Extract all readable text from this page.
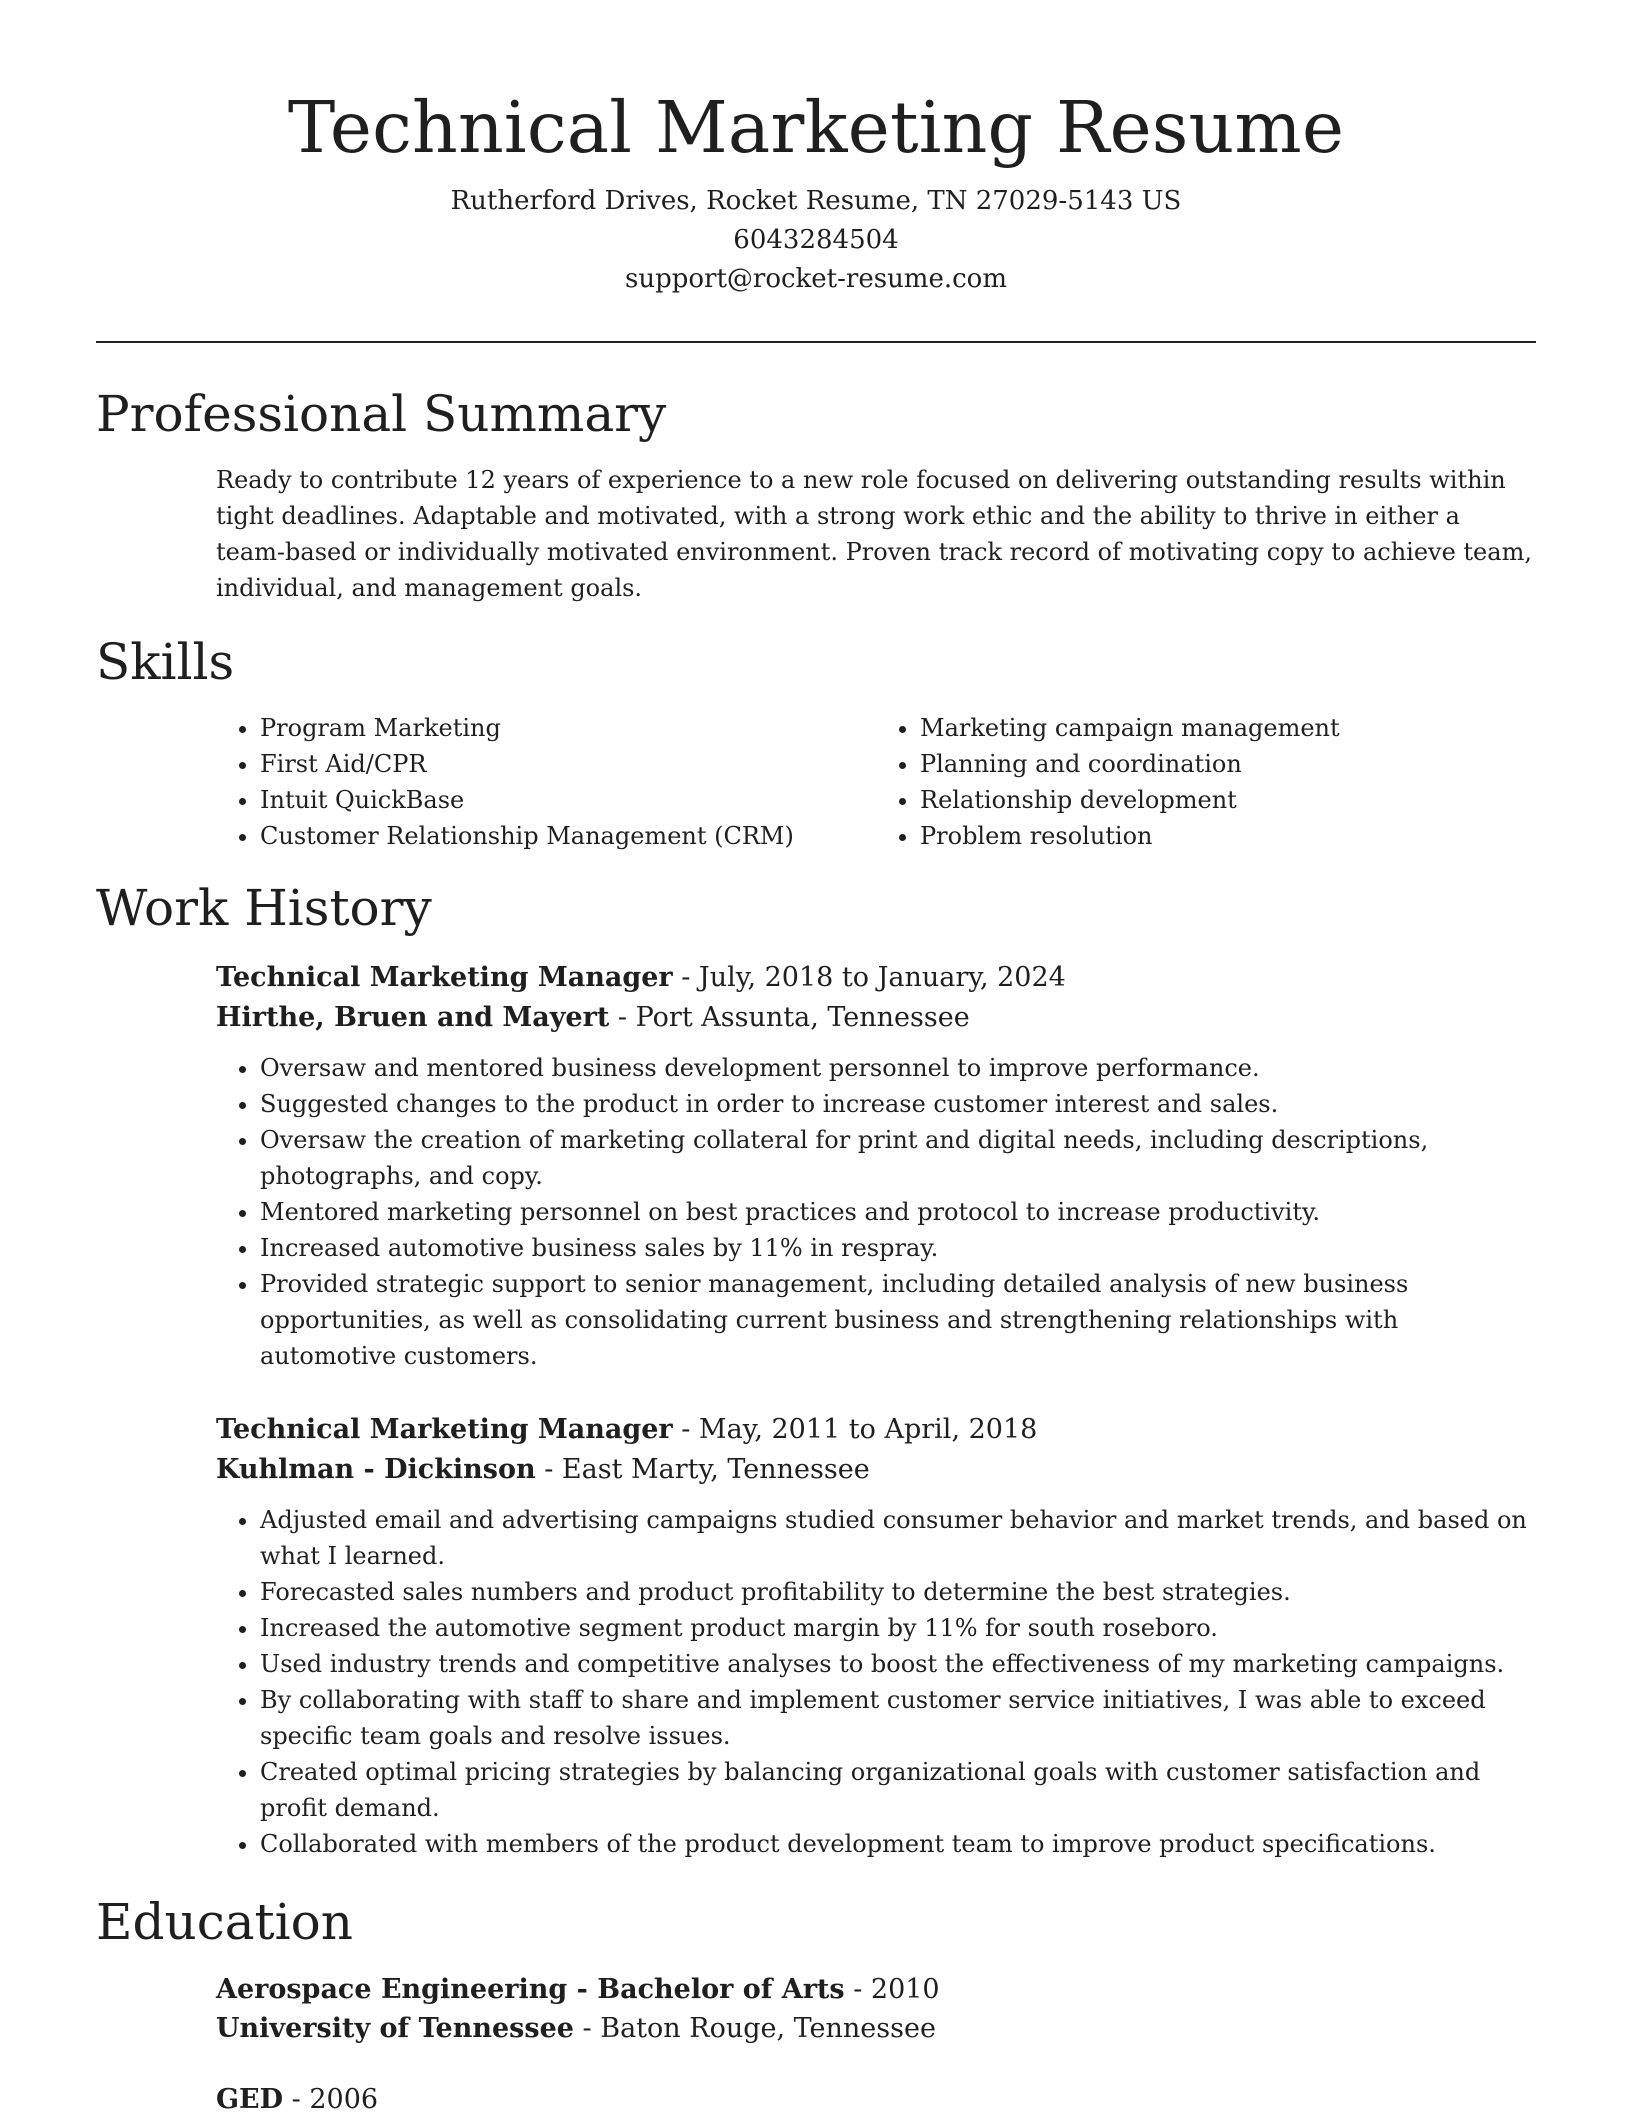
Technical Marketing Resume
Rutherford Drives, Rocket Resume, TN 27029-5143 US
6043284504
support@rocket-resume.com
Professional Summary

Ready to contribute 12 years of experience to a new role focused on delivering outstanding results within tight deadlines. Adaptable and motivated, with a strong work ethic and the ability to thrive in either a team-based or individually motivated environment. Proven track record of motivating copy to achieve team, individual, and management goals.

Skills
• Program Marketing
• First Aid/CPR
• Intuit QuickBase
• Customer Relationship Management (CRM)
• Marketing campaign management
• Planning and coordination
• Relationship development
• Problem resolution
Work History
Technical Marketing Manager - July, 2018 to January, 2024
Hirthe, Bruen and Mayert - Port Assunta, Tennessee
• Oversaw and mentored business development personnel to improve performance.
• Suggested changes to the product in order to increase customer interest and sales.
• Oversaw the creation of marketing collateral for print and digital needs, including descriptions, photographs, and copy.
• Mentored marketing personnel on best practices and protocol to increase productivity.
• Increased automotive business sales by 11% in respray.
• Provided strategic support to senior management, including detailed analysis of new business opportunities, as well as consolidating current business and strengthening relationships with automotive customers.
Technical Marketing Manager - May, 2011 to April, 2018
Kuhlman - Dickinson - East Marty, Tennessee
• Adjusted email and advertising campaigns studied consumer behavior and market trends, and based on what I learned.
• Forecasted sales numbers and product profitability to determine the best strategies.
• Increased the automotive segment product margin by 11% for south roseboro.
• Used industry trends and competitive analyses to boost the effectiveness of my marketing campaigns.
• By collaborating with staff to share and implement customer service initiatives, I was able to exceed specific team goals and resolve issues.
• Created optimal pricing strategies by balancing organizational goals with customer satisfaction and profit demand.
• Collaborated with members of the product development team to improve product specifications.
Education
Aerospace Engineering - Bachelor of Arts - 2010
University of Tennessee - Baton Rouge, Tennessee
GED - 2006
